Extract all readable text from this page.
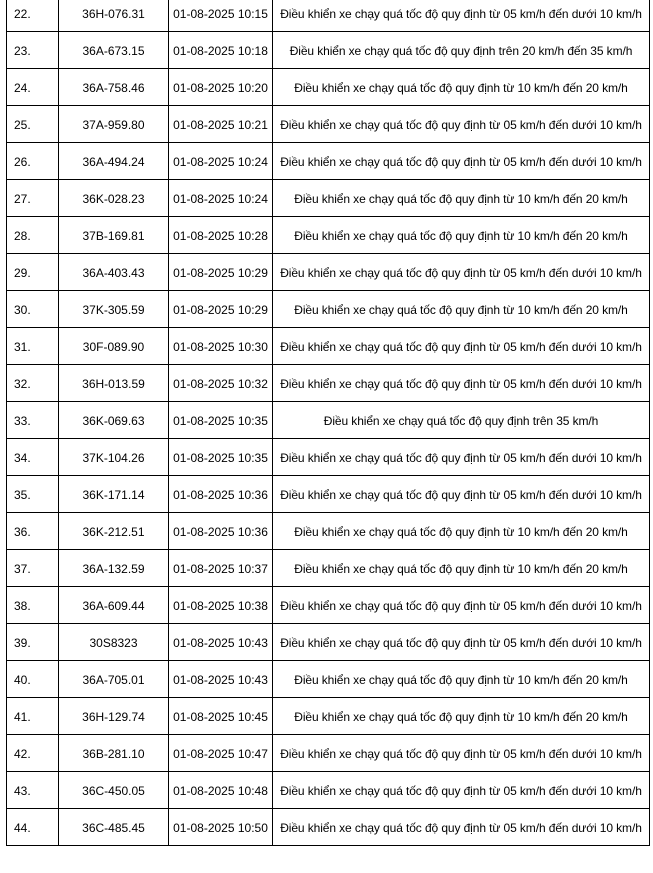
22.	36H-076.31	01-08-2025 10:15	Điều khiển xe chạy quá tốc độ quy định từ 05 km/h đến dưới 10 km/h

23.	36A-673.15	01-08-2025 10:18	Điều khiển xe chạy quá tốc độ quy định trên 20 km/h đến 35 km/h

24.	36A-758.46	01-08-2025 10:20	Điều khiển xe chạy quá tốc độ quy định từ 10 km/h đến 20 km/h

25.	37A-959.80	01-08-2025 10:21	Điều khiển xe chạy quá tốc độ quy định từ 05 km/h đến dưới 10 km/h

26.	36A-494.24	01-08-2025 10:24	Điều khiển xe chạy quá tốc độ quy định từ 05 km/h đến dưới 10 km/h

27.	36K-028.23	01-08-2025 10:24	Điều khiển xe chạy quá tốc độ quy định từ 10 km/h đến 20 km/h

28.	37B-169.81	01-08-2025 10:28	Điều khiển xe chạy quá tốc độ quy định từ 10 km/h đến 20 km/h

29.	36A-403.43	01-08-2025 10:29	Điều khiển xe chạy quá tốc độ quy định từ 05 km/h đến dưới 10 km/h

30.	37K-305.59	01-08-2025 10:29	Điều khiển xe chạy quá tốc độ quy định từ 10 km/h đến 20 km/h

31.	30F-089.90	01-08-2025 10:30	Điều khiển xe chạy quá tốc độ quy định từ 05 km/h đến dưới 10 km/h

32.	36H-013.59	01-08-2025 10:32	Điều khiển xe chạy quá tốc độ quy định từ 05 km/h đến dưới 10 km/h

33.	36K-069.63	01-08-2025 10:35	Điều khiển xe chạy quá tốc độ quy định trên 35 km/h

34.	37K-104.26	01-08-2025 10:35	Điều khiển xe chạy quá tốc độ quy định từ 05 km/h đến dưới 10 km/h

35.	36K-171.14	01-08-2025 10:36	Điều khiển xe chạy quá tốc độ quy định từ 05 km/h đến dưới 10 km/h

36.	36K-212.51	01-08-2025 10:36	Điều khiển xe chạy quá tốc độ quy định từ 10 km/h đến 20 km/h

37.	36A-132.59	01-08-2025 10:37	Điều khiển xe chạy quá tốc độ quy định từ 10 km/h đến 20 km/h

38.	36A-609.44	01-08-2025 10:38	Điều khiển xe chạy quá tốc độ quy định từ 05 km/h đến dưới 10 km/h

39.	30S8323	01-08-2025 10:43	Điều khiển xe chạy quá tốc độ quy định từ 05 km/h đến dưới 10 km/h

40.	36A-705.01	01-08-2025 10:43	Điều khiển xe chạy quá tốc độ quy định từ 10 km/h đến 20 km/h

41.	36H-129.74	01-08-2025 10:45	Điều khiển xe chạy quá tốc độ quy định từ 10 km/h đến 20 km/h

42.	36B-281.10	01-08-2025 10:47	Điều khiển xe chạy quá tốc độ quy định từ 05 km/h đến dưới 10 km/h

43.	36C-450.05	01-08-2025 10:48	Điều khiển xe chạy quá tốc độ quy định từ 05 km/h đến dưới 10 km/h

44.	36C-485.45	01-08-2025 10:50	Điều khiển xe chạy quá tốc độ quy định từ 05 km/h đến dưới 10 km/h
